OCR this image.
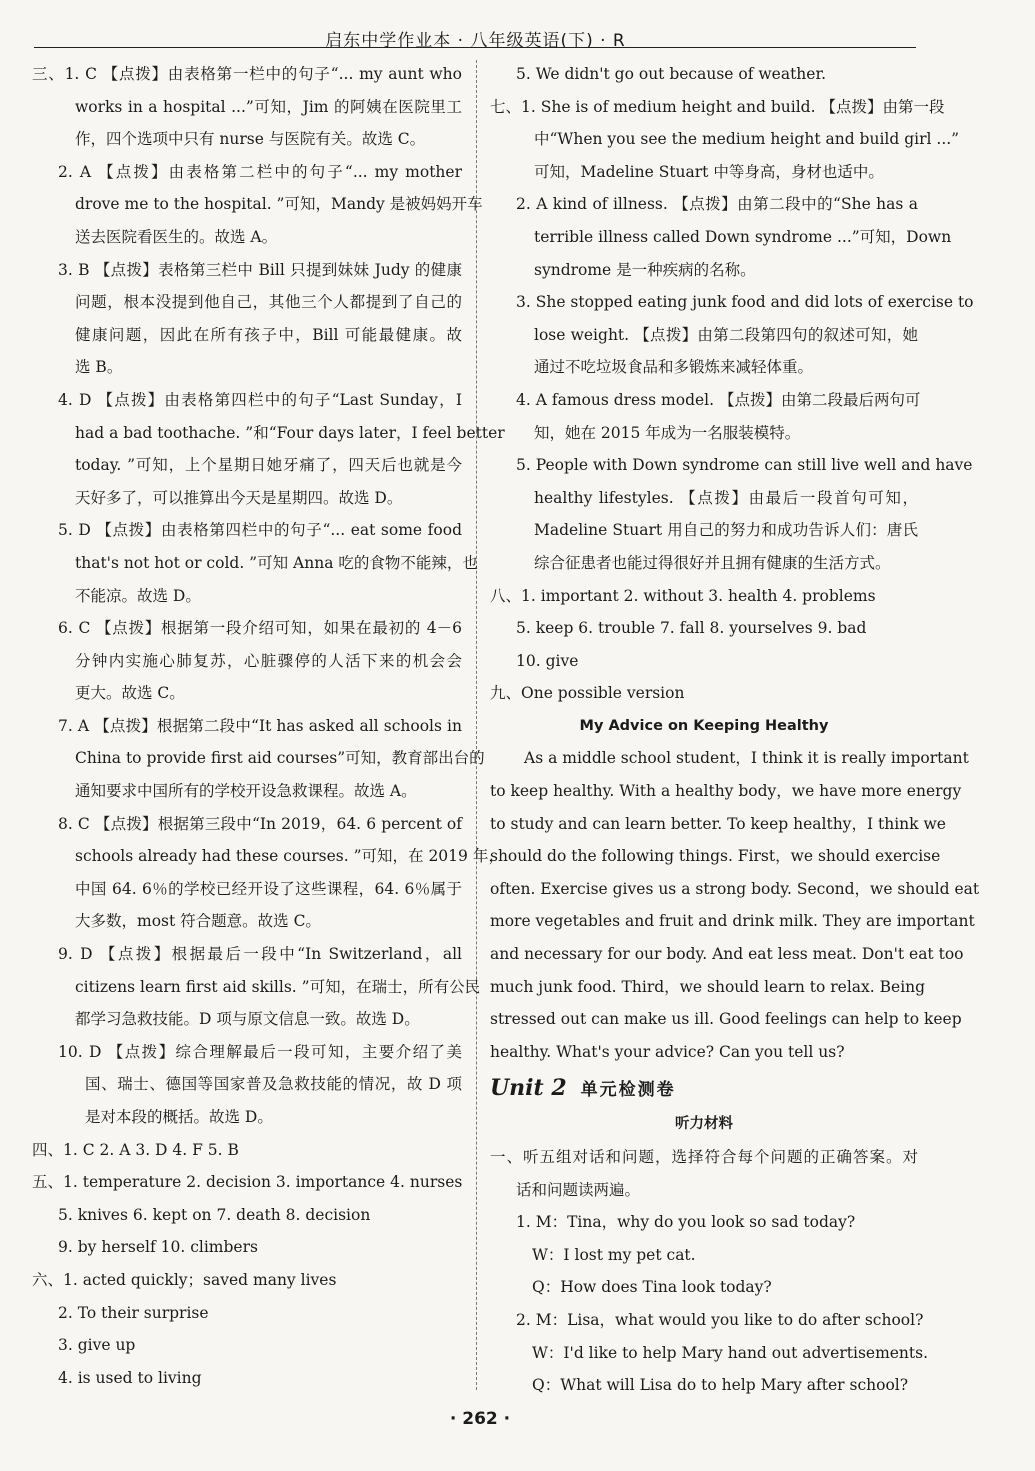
启东中学作业本 · 八年级英语(下) · R
三、1. C 【点拨】由表格第一栏中的句子“... my aunt who
works in a hospital ...”可知，Jim 的阿姨在医院里工
作，四个选项中只有 nurse 与医院有关。故选 C。
2. A 【点拨】由表格第二栏中的句子“... my mother
drove me to the hospital. ”可知，Mandy 是被妈妈开车
送去医院看医生的。故选 A。
3. B 【点拨】表格第三栏中 Bill 只提到妹妹 Judy 的健康
问题，根本没提到他自己，其他三个人都提到了自己的
健康问题，因此在所有孩子中，Bill 可能最健康。故
选 B。
4. D 【点拨】由表格第四栏中的句子“Last Sunday，I
had a bad toothache. ”和“Four days later，I feel better
today. ”可知，上个星期日她牙痛了，四天后也就是今
天好多了，可以推算出今天是星期四。故选 D。
5. D 【点拨】由表格第四栏中的句子“... eat some food
that's not hot or cold. ”可知 Anna 吃的食物不能辣，也
不能凉。故选 D。
6. C 【点拨】根据第一段介绍可知，如果在最初的 4－6
分钟内实施心肺复苏，心脏骤停的人活下来的机会会
更大。故选 C。
7. A 【点拨】根据第二段中“It has asked all schools in
China to provide first aid courses”可知，教育部出台的
通知要求中国所有的学校开设急救课程。故选 A。
8. C 【点拨】根据第三段中“In 2019，64. 6 percent of
schools already had these courses. ”可知，在 2019 年，
中国 64. 6％的学校已经开设了这些课程，64. 6％属于
大多数，most 符合题意。故选 C。
9. D 【点拨】根据最后一段中“In Switzerland，all
citizens learn first aid skills. ”可知，在瑞士，所有公民
都学习急救技能。D 项与原文信息一致。故选 D。
10. D 【点拨】综合理解最后一段可知，主要介绍了美
国、瑞士、德国等国家普及急救技能的情况，故 D 项
是对本段的概括。故选 D。
四、1. C 2. A 3. D 4. F 5. B
五、1. temperature 2. decision 3. importance 4. nurses
5. knives 6. kept on 7. death 8. decision
9. by herself 10. climbers
六、1. acted quickly；saved many lives
2. To their surprise
3. give up
4. is used to living
5. We didn't go out because of weather.
七、1. She is of medium height and build. 【点拨】由第一段
中“When you see the medium height and build girl ...”
可知，Madeline Stuart 中等身高，身材也适中。
2. A kind of illness. 【点拨】由第二段中的“She has a
terrible illness called Down syndrome ...”可知，Down
syndrome 是一种疾病的名称。
3. She stopped eating junk food and did lots of exercise to
lose weight. 【点拨】由第二段第四句的叙述可知，她
通过不吃垃圾食品和多锻炼来减轻体重。
4. A famous dress model. 【点拨】由第二段最后两句可
知，她在 2015 年成为一名服装模特。
5. People with Down syndrome can still live well and have
healthy lifestyles. 【点拨】由最后一段首句可知，
Madeline Stuart 用自己的努力和成功告诉人们：唐氏
综合征患者也能过得很好并且拥有健康的生活方式。
八、1. important 2. without 3. health 4. problems
5. keep 6. trouble 7. fall 8. yourselves 9. bad
10. give
九、One possible version
My Advice on Keeping Healthy
As a middle school student，I think it is really important
to keep healthy. With a healthy body，we have more energy
to study and can learn better. To keep healthy，I think we
should do the following things. First，we should exercise
often. Exercise gives us a strong body. Second，we should eat
more vegetables and fruit and drink milk. They are important
and necessary for our body. And eat less meat. Don't eat too
much junk food. Third，we should learn to relax. Being
stressed out can make us ill. Good feelings can help to keep
healthy. What's your advice? Can you tell us?
Unit 2 单元检测卷
听力材料
一、听五组对话和问题，选择符合每个问题的正确答案。对
话和问题读两遍。
1. M：Tina，why do you look so sad today?
W：I lost my pet cat.
Q：How does Tina look today?
2. M：Lisa，what would you like to do after school?
W：I'd like to help Mary hand out advertisements.
Q：What will Lisa do to help Mary after school?
· 262 ·
